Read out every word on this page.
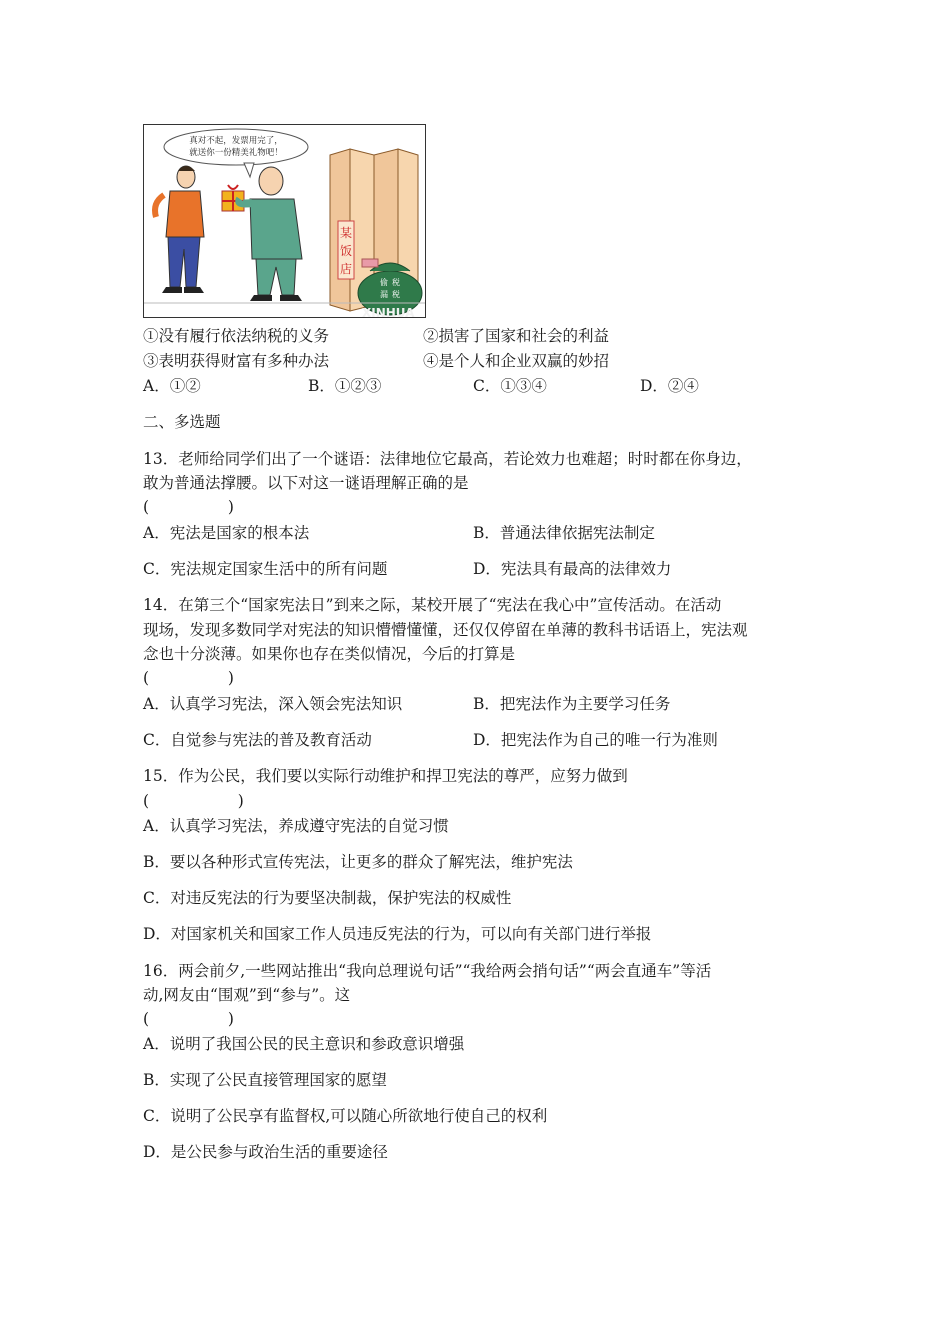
真对不起，发票用完了，
就送你一份精美礼物吧！
某
饭
店
偷 税
漏 税
XINHUA
①没有履行依法纳税的义务	②损害了国家和社会的利益
③表明获得财富有多种办法	④是个人和企业双赢的妙招
A．①②	B．①②③	C．①③④	D．②④
二、多选题
13．老师给同学们出了一个谜语：法律地位它最高，若论效力也难超；时时都在你身边，
敢为普通法撑腰。以下对这一谜语理解正确的是
(                )
A．宪法是国家的根本法	B．普通法律依据宪法制定
C．宪法规定国家生活中的所有问题	D．宪法具有最高的法律效力
14．在第三个“国家宪法日”到来之际，某校开展了“宪法在我心中”宣传活动。在活动
现场，发现多数同学对宪法的知识懵懵懂懂，还仅仅停留在单薄的教科书话语上，宪法观
念也十分淡薄。如果你也存在类似情况，今后的打算是
(                )
A．认真学习宪法，深入领会宪法知识	B．把宪法作为主要学习任务
C．自觉参与宪法的普及教育活动	D．把宪法作为自己的唯一行为准则
15．作为公民，我们要以实际行动维护和捍卫宪法的尊严，应努力做到
(                  )
A．认真学习宪法，养成遵守宪法的自觉习惯
B．要以各种形式宣传宪法，让更多的群众了解宪法，维护宪法
C．对违反宪法的行为要坚决制裁，保护宪法的权威性
D．对国家机关和国家工作人员违反宪法的行为，可以向有关部门进行举报
16．两会前夕,一些网站推出“我向总理说句话”“我给两会捎句话”“两会直通车”等活
动,网友由“围观”到“参与”。这
(                )
A．说明了我国公民的民主意识和参政意识增强
B．实现了公民直接管理国家的愿望
C．说明了公民享有监督权,可以随心所欲地行使自己的权利
D．是公民参与政治生活的重要途径
